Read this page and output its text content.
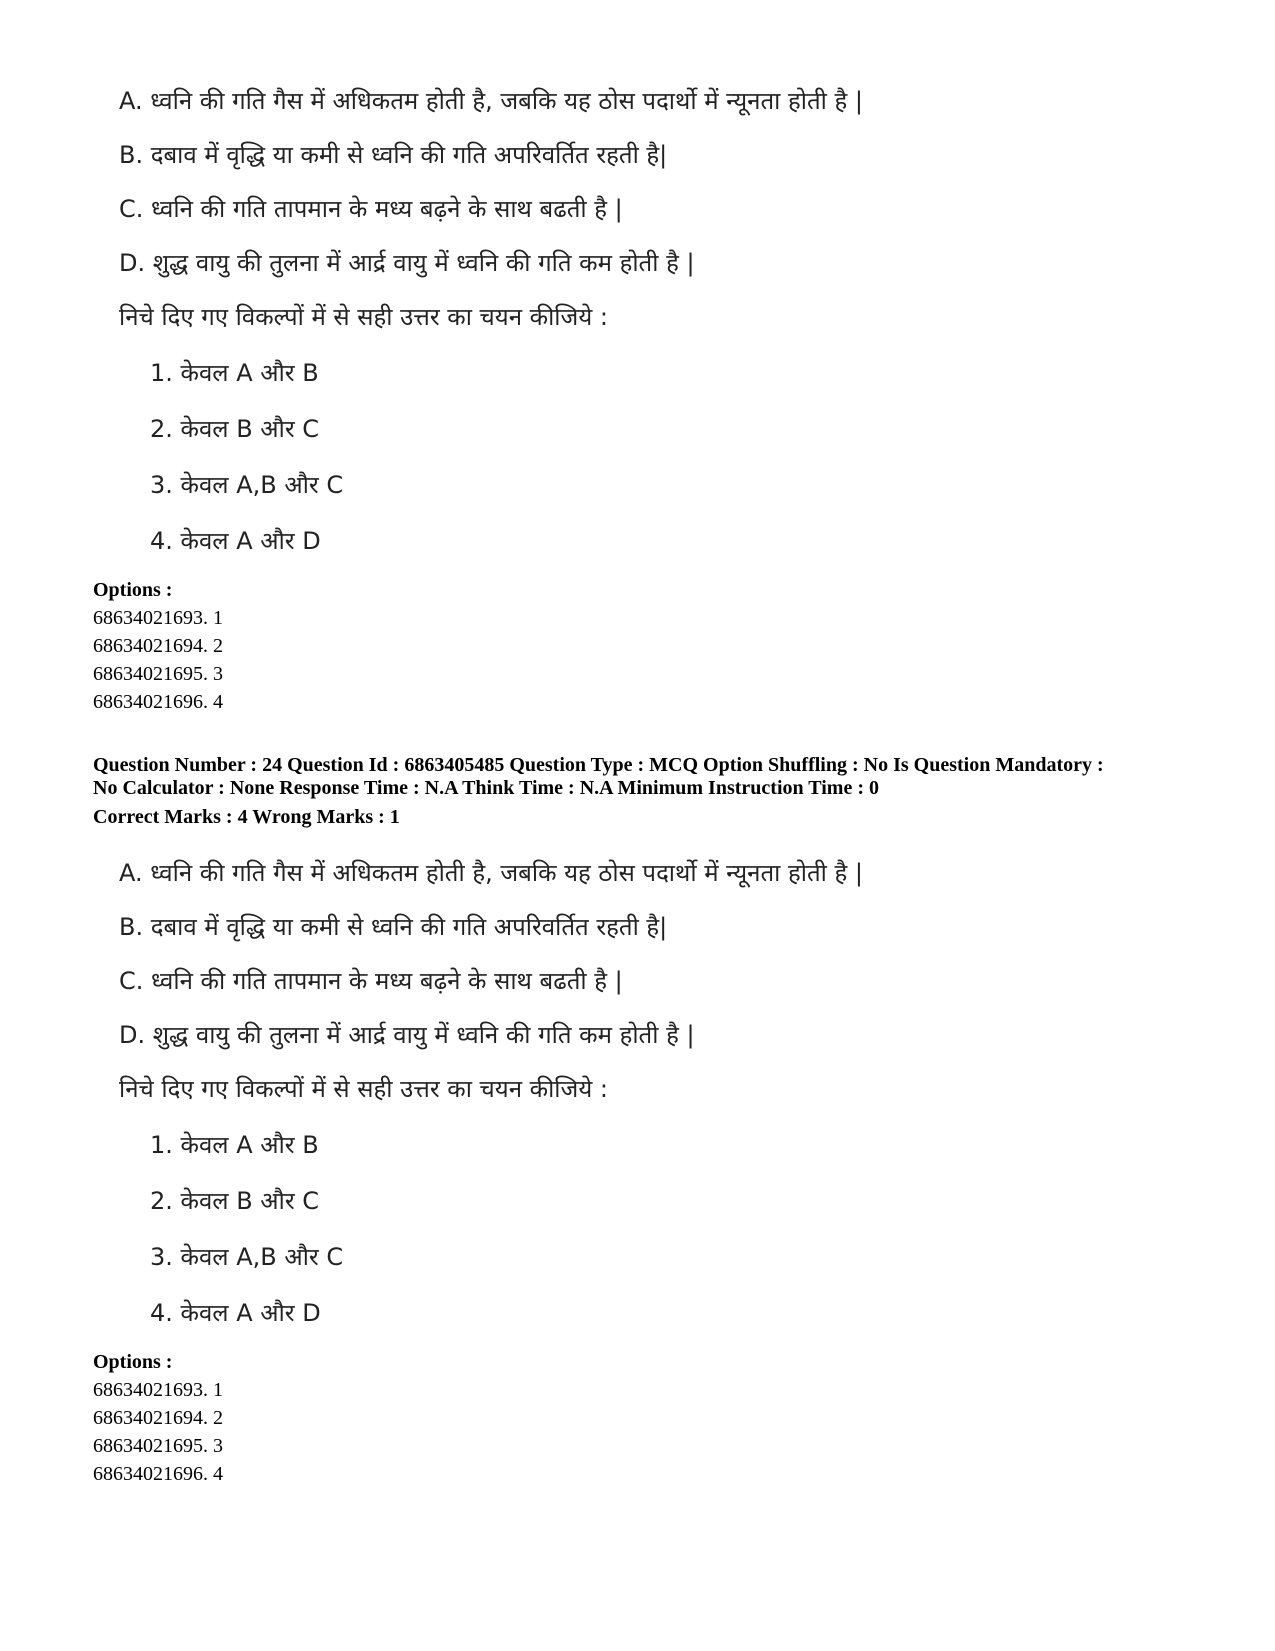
A. ध्वनि की गति गैस में अधिकतम होती है, जबकि यह ठोस पदार्थो में न्यूनता होती है |
B. दबाव में वृद्धि या कमी से ध्वनि की गति अपरिवर्तित रहती है|
C. ध्वनि की गति तापमान के मध्य बढ़ने के साथ बढती है |
D. शुद्ध वायु की तुलना में आर्द्र वायु में ध्वनि की गति कम होती है |
निचे दिए गए विकल्पों में से सही उत्तर का चयन कीजिये :
1. केवल A और B
2. केवल B और C
3. केवल A,B और C
4. केवल A और D
Options :
68634021693. 1
68634021694. 2
68634021695. 3
68634021696. 4
Question Number : 24 Question Id : 6863405485 Question Type : MCQ Option Shuffling : No Is Question Mandatory :
No Calculator : None Response Time : N.A Think Time : N.A Minimum Instruction Time : 0
Correct Marks : 4 Wrong Marks : 1
A. ध्वनि की गति गैस में अधिकतम होती है, जबकि यह ठोस पदार्थो में न्यूनता होती है |
B. दबाव में वृद्धि या कमी से ध्वनि की गति अपरिवर्तित रहती है|
C. ध्वनि की गति तापमान के मध्य बढ़ने के साथ बढती है |
D. शुद्ध वायु की तुलना में आर्द्र वायु में ध्वनि की गति कम होती है |
निचे दिए गए विकल्पों में से सही उत्तर का चयन कीजिये :
1. केवल A और B
2. केवल B और C
3. केवल A,B और C
4. केवल A और D
Options :
68634021693. 1
68634021694. 2
68634021695. 3
68634021696. 4
